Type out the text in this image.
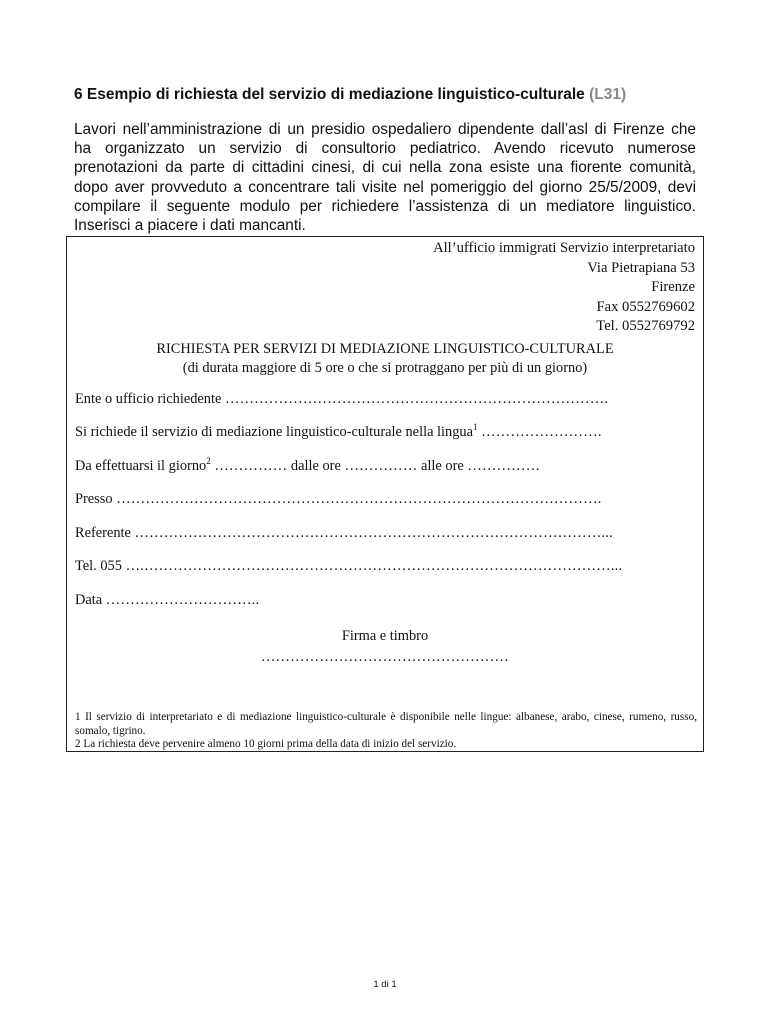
6 Esempio di richiesta del servizio di mediazione linguistico-culturale (L31)
Lavori nell’amministrazione di un presidio ospedaliero dipendente dall’asl di Firenze che
ha organizzato un servizio di consultorio pediatrico. Avendo ricevuto numerose
prenotazioni da parte di cittadini cinesi, di cui nella zona esiste una fiorente comunità,
dopo aver provveduto a concentrare tali visite nel pomeriggio del giorno 25/5/2009, devi
compilare il seguente modulo per richiedere l’assistenza di un mediatore linguistico.
Inserisci a piacere i dati mancanti.
All’ufficio immigrati Servizio interpretariato
Via Pietrapiana 53
Firenze
Fax 0552769602
Tel. 0552769792
RICHIESTA PER SERVIZI DI MEDIAZIONE LINGUISTICO-CULTURALE
(di durata maggiore di 5 ore o che si protraggano per più di un giorno)
Ente o ufficio richiedente …………………………………………………………………….
Si richiede il servizio di mediazione linguistico-culturale nella lingua$^1$ …………………….
Da effettuarsi il giorno$^2$ …………… dalle ore …………… alle ore ……………
Presso ……………………………………………………………………………………….
Referente ……………………………………………………………………………………...
Tel. 055 ….……………………………………………………………………………………...
Data …………………………..
Firma e timbro
……………………………………………
1 Il servizio di interpretariato e di mediazione linguistico-culturale è disponibile nelle lingue: albanese, arabo, cinese, rumeno, russo, somalo, tigrino.
2 La richiesta deve pervenire almeno 10 giorni prima della data di inizio del servizio.
1 di 1
